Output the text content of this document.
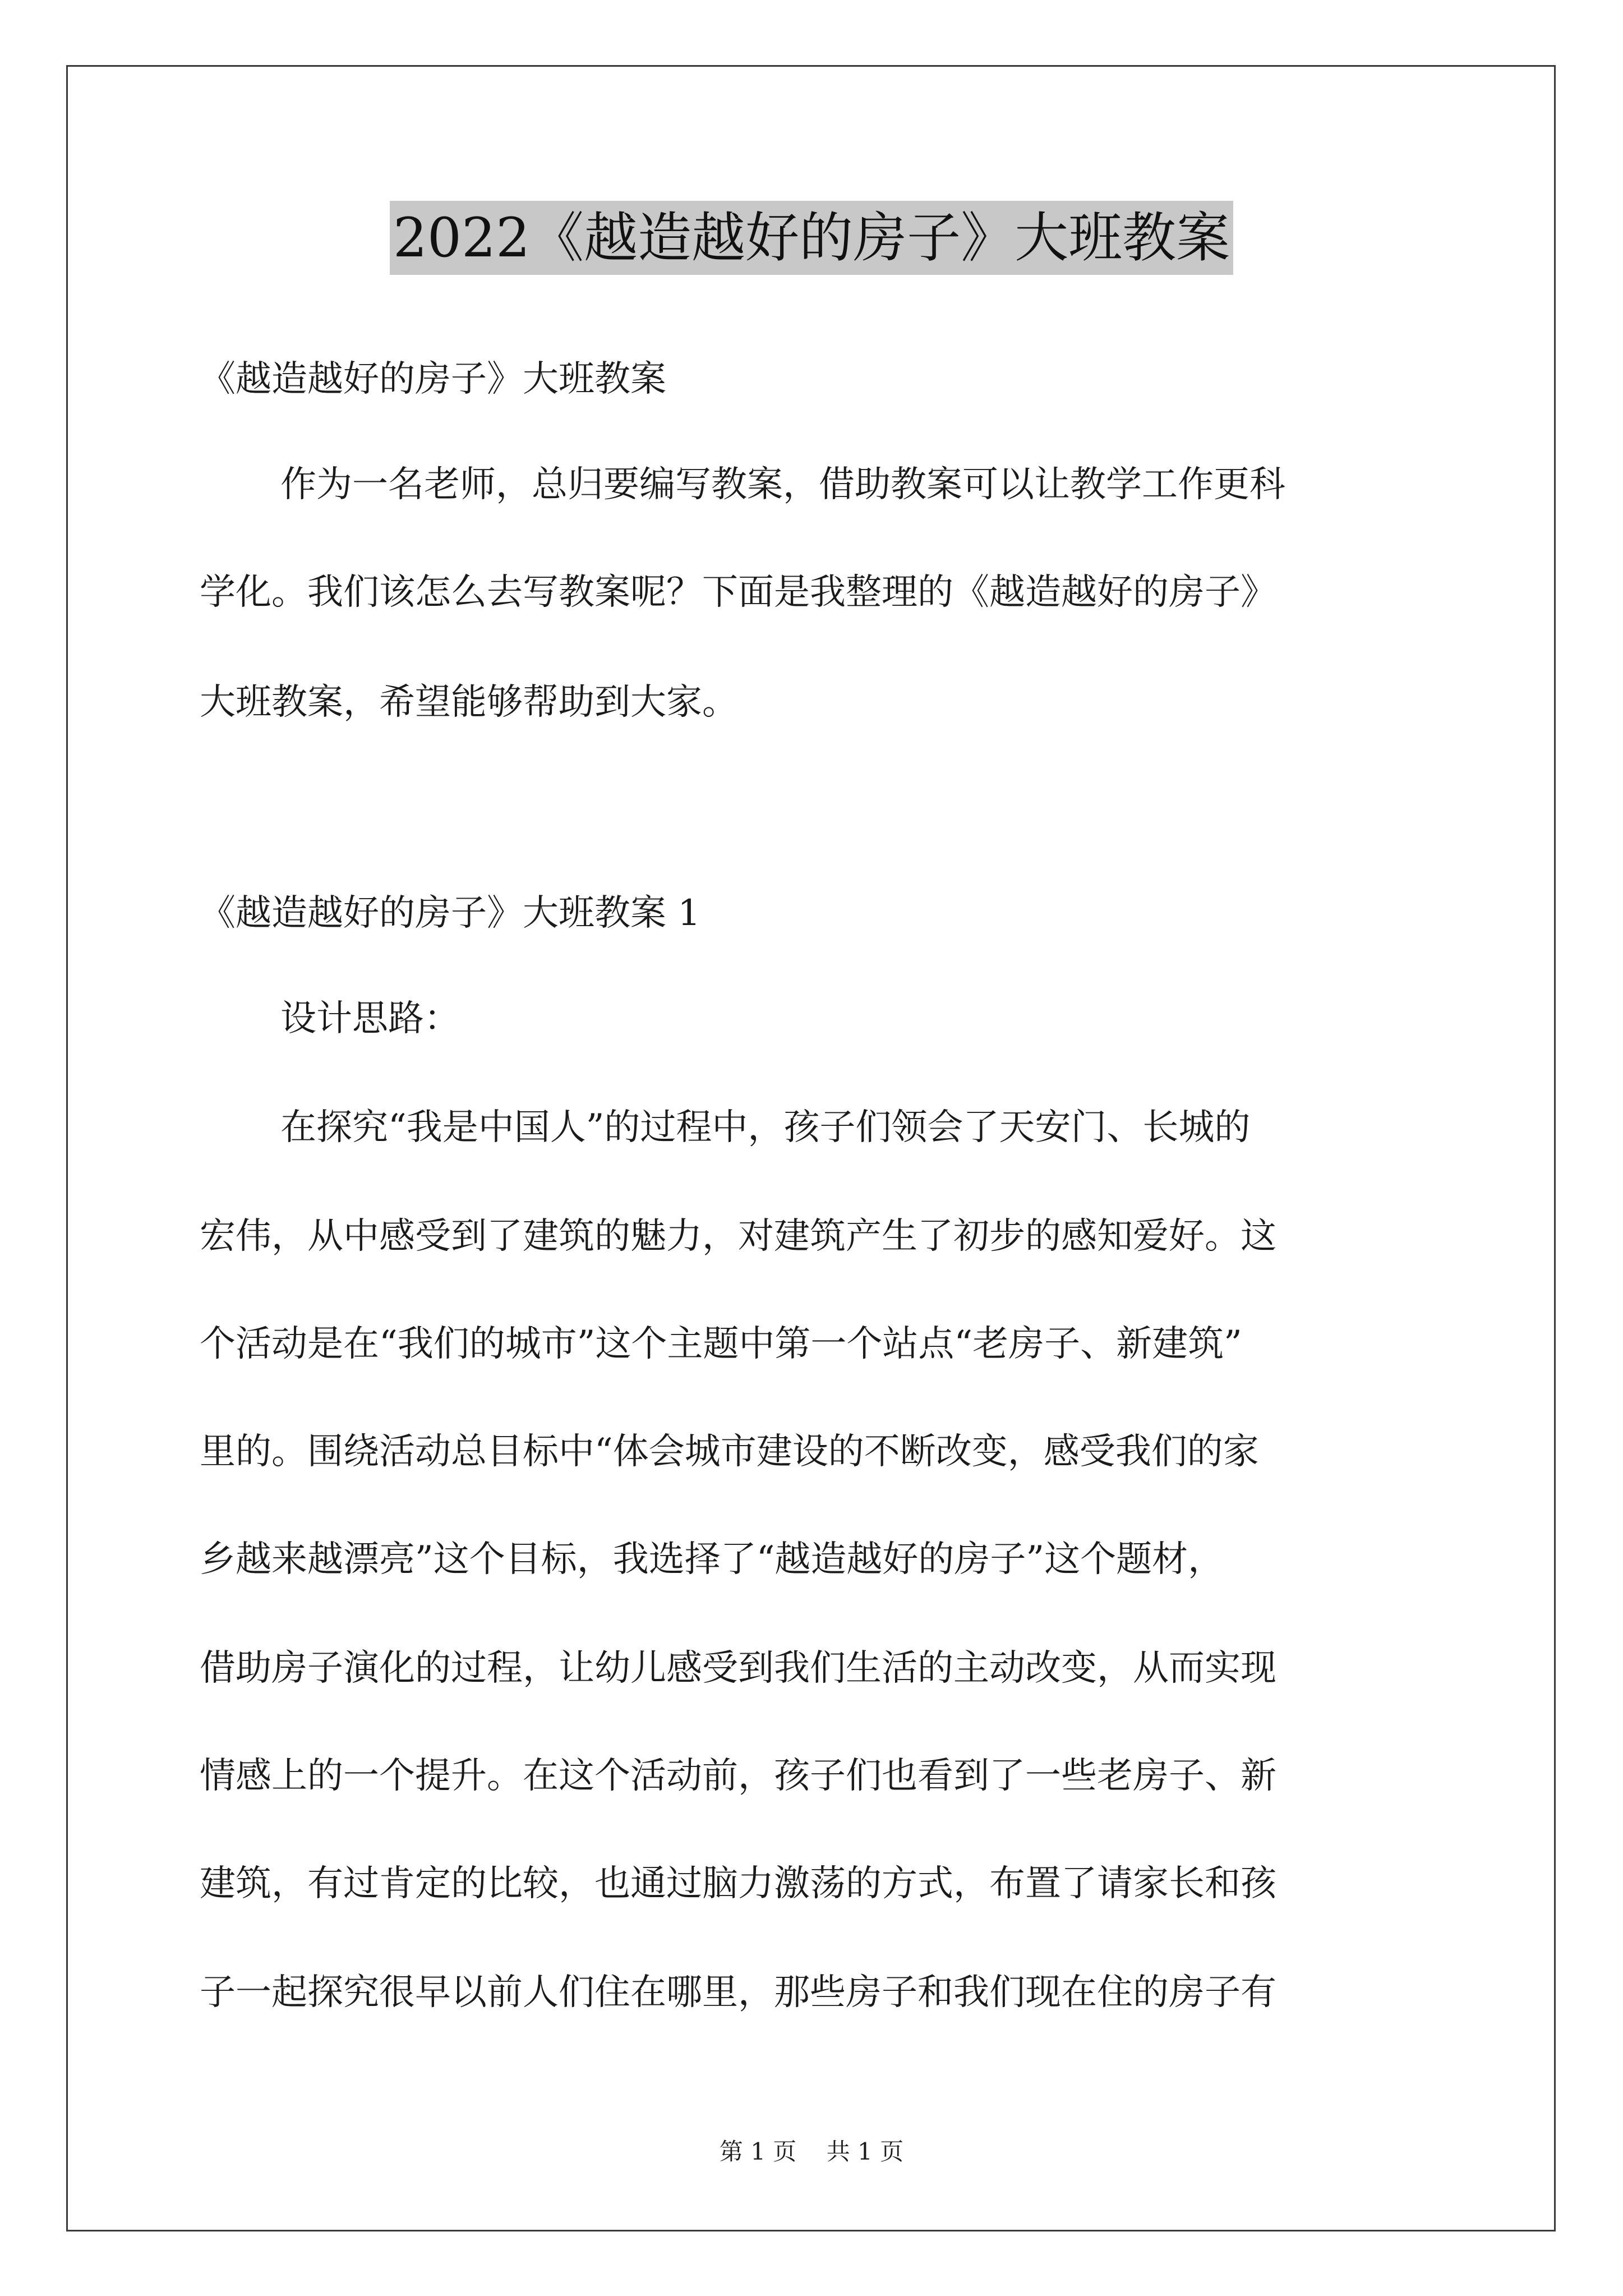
2022《越造越好的房子》大班教案
《越造越好的房子》大班教案
作为一名老师，总归要编写教案，借助教案可以让教学工作更科
学化。我们该怎么去写教案呢？下面是我整理的《越造越好的房子》
大班教案，希望能够帮助到大家。
《越造越好的房子》大班教案 1
设计思路：
在探究“我是中国人”的过程中，孩子们领会了天安门、长城的
宏伟，从中感受到了建筑的魅力，对建筑产生了初步的感知爱好。这
个活动是在“我们的城市”这个主题中第一个站点“老房子、新建筑”
里的。围绕活动总目标中“体会城市建设的不断改变，感受我们的家
乡越来越漂亮”这个目标，我选择了“越造越好的房子”这个题材，
借助房子演化的过程，让幼儿感受到我们生活的主动改变，从而实现
情感上的一个提升。在这个活动前，孩子们也看到了一些老房子、新
建筑，有过肯定的比较，也通过脑力激荡的方式，布置了请家长和孩
子一起探究很早以前人们住在哪里，那些房子和我们现在住的房子有
第 1 页    共 1 页
